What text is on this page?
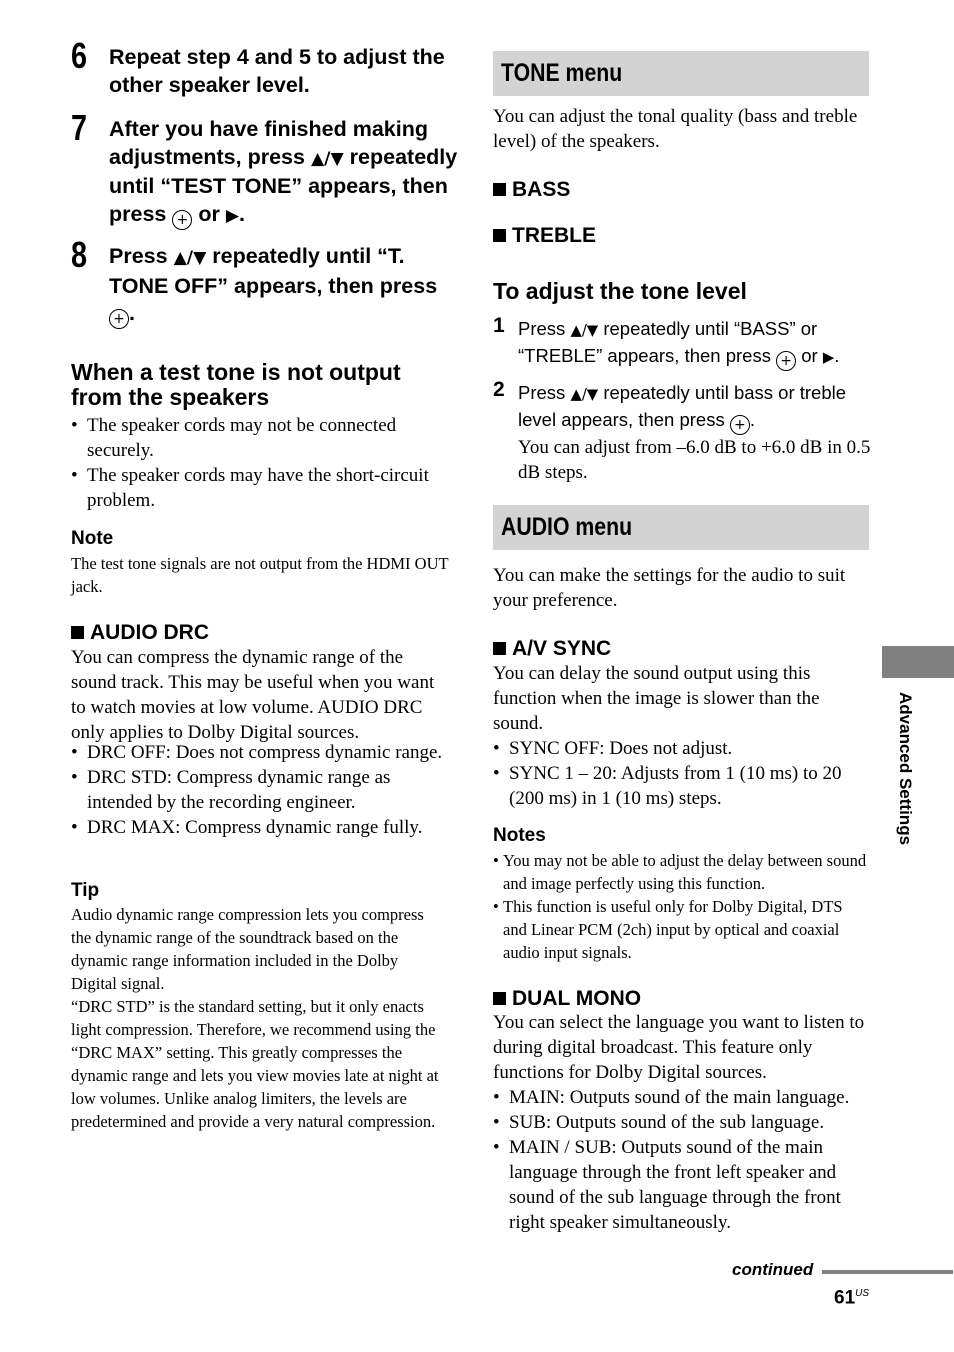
6 Repeat step 4 and 5 to adjust the other speaker level.
7 After you have finished making adjustments, press ▲/▼ repeatedly until “TEST TONE” appears, then press + or ▶.
8 Press ▲/▼ repeatedly until “T. TONE OFF” appears, then press + .
When a test tone is not output from the speakers
• The speaker cords may not be connected securely.
• The speaker cords may have the short-circuit problem.
Note
The test tone signals are not output from the HDMI OUT jack.
AUDIO DRC
You can compress the dynamic range of the sound track. This may be useful when you want to watch movies at low volume. AUDIO DRC only applies to Dolby Digital sources.
• DRC OFF: Does not compress dynamic range.
• DRC STD: Compress dynamic range as intended by the recording engineer.
• DRC MAX: Compress dynamic range fully.
Tip
Audio dynamic range compression lets you compress the dynamic range of the soundtrack based on the dynamic range information included in the Dolby Digital signal.
“DRC STD” is the standard setting, but it only enacts light compression. Therefore, we recommend using the “DRC MAX” setting. This greatly compresses the dynamic range and lets you view movies late at night at low volumes. Unlike analog limiters, the levels are predetermined and provide a very natural compression.
TONE menu
You can adjust the tonal quality (bass and treble level) of the speakers.
BASS
TREBLE
To adjust the tone level
1 Press ▲/▼ repeatedly until “BASS” or “TREBLE” appears, then press + or ▶.
2 Press ▲/▼ repeatedly until bass or treble level appears, then press + .
You can adjust from –6.0 dB to +6.0 dB in 0.5 dB steps.
AUDIO menu
You can make the settings for the audio to suit your preference.
A/V SYNC
You can delay the sound output using this function when the image is slower than the sound.
• SYNC OFF: Does not adjust.
• SYNC 1 – 20: Adjusts from 1 (10 ms) to 20 (200 ms) in 1 (10 ms) steps.
Notes
• You may not be able to adjust the delay between sound and image perfectly using this function.
• This function is useful only for Dolby Digital, DTS and Linear PCM (2ch) input by optical and coaxial audio input signals.
DUAL MONO
You can select the language you want to listen to during digital broadcast. This feature only functions for Dolby Digital sources.
• MAIN: Outputs sound of the main language.
• SUB: Outputs sound of the sub language.
• MAIN / SUB: Outputs sound of the main language through the front left speaker and sound of the sub language through the front right speaker simultaneously.
Advanced Settings
continued
$61^{US}$
